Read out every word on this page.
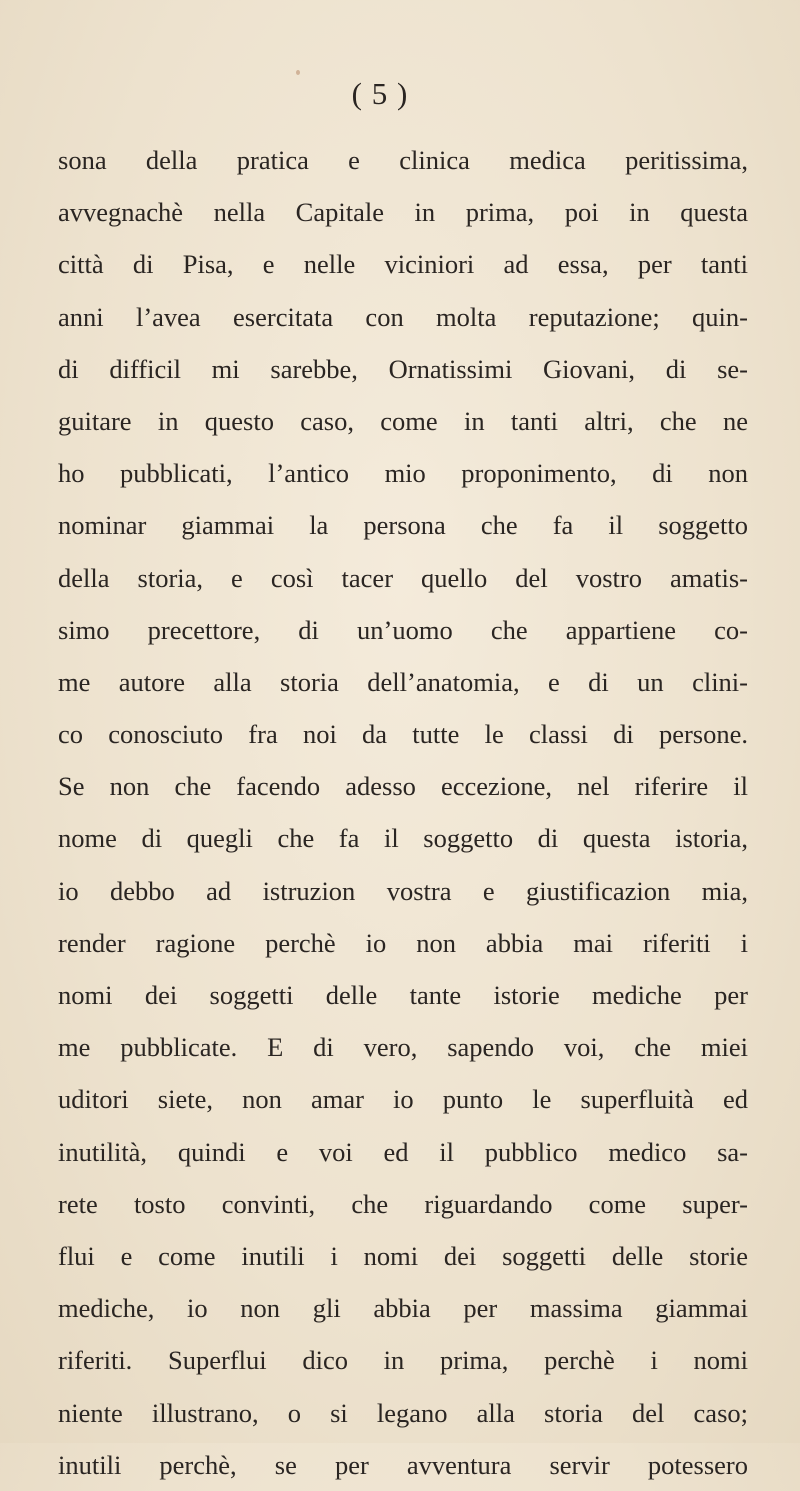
( 5 )
sona della pratica e clinica medica peritissima,
avvegnachè nella Capitale in prima, poi in questa
città di Pisa, e nelle viciniori ad essa, per tanti
anni l’avea esercitata con molta reputazione; quin-
di difficil mi sarebbe, Ornatissimi Giovani, di se-
guitare in questo caso, come in tanti altri, che ne
ho pubblicati, l’antico mio proponimento, di non
nominar giammai la persona che fa il soggetto
della storia, e così tacer quello del vostro amatis-
simo precettore, di un’uomo che appartiene co-
me autore alla storia dell’anatomia, e di un clini-
co conosciuto fra noi da tutte le classi di persone.
Se non che facendo adesso eccezione, nel riferire il
nome di quegli che fa il soggetto di questa istoria,
io debbo ad istruzion vostra e giustificazion mia,
render ragione perchè io non abbia mai riferiti i
nomi dei soggetti delle tante istorie mediche per
me pubblicate. E di vero, sapendo voi, che miei
uditori siete, non amar io punto le superfluità ed
inutilità, quindi e voi ed il pubblico medico sa-
rete tosto convinti, che riguardando come super-
flui e come inutili i nomi dei soggetti delle storie
mediche, io non gli abbia per massima giammai
riferiti. Superflui dico in prima, perchè i nomi
niente illustrano, o si legano alla storia del caso;
inutili perchè, se per avventura servir potessero
